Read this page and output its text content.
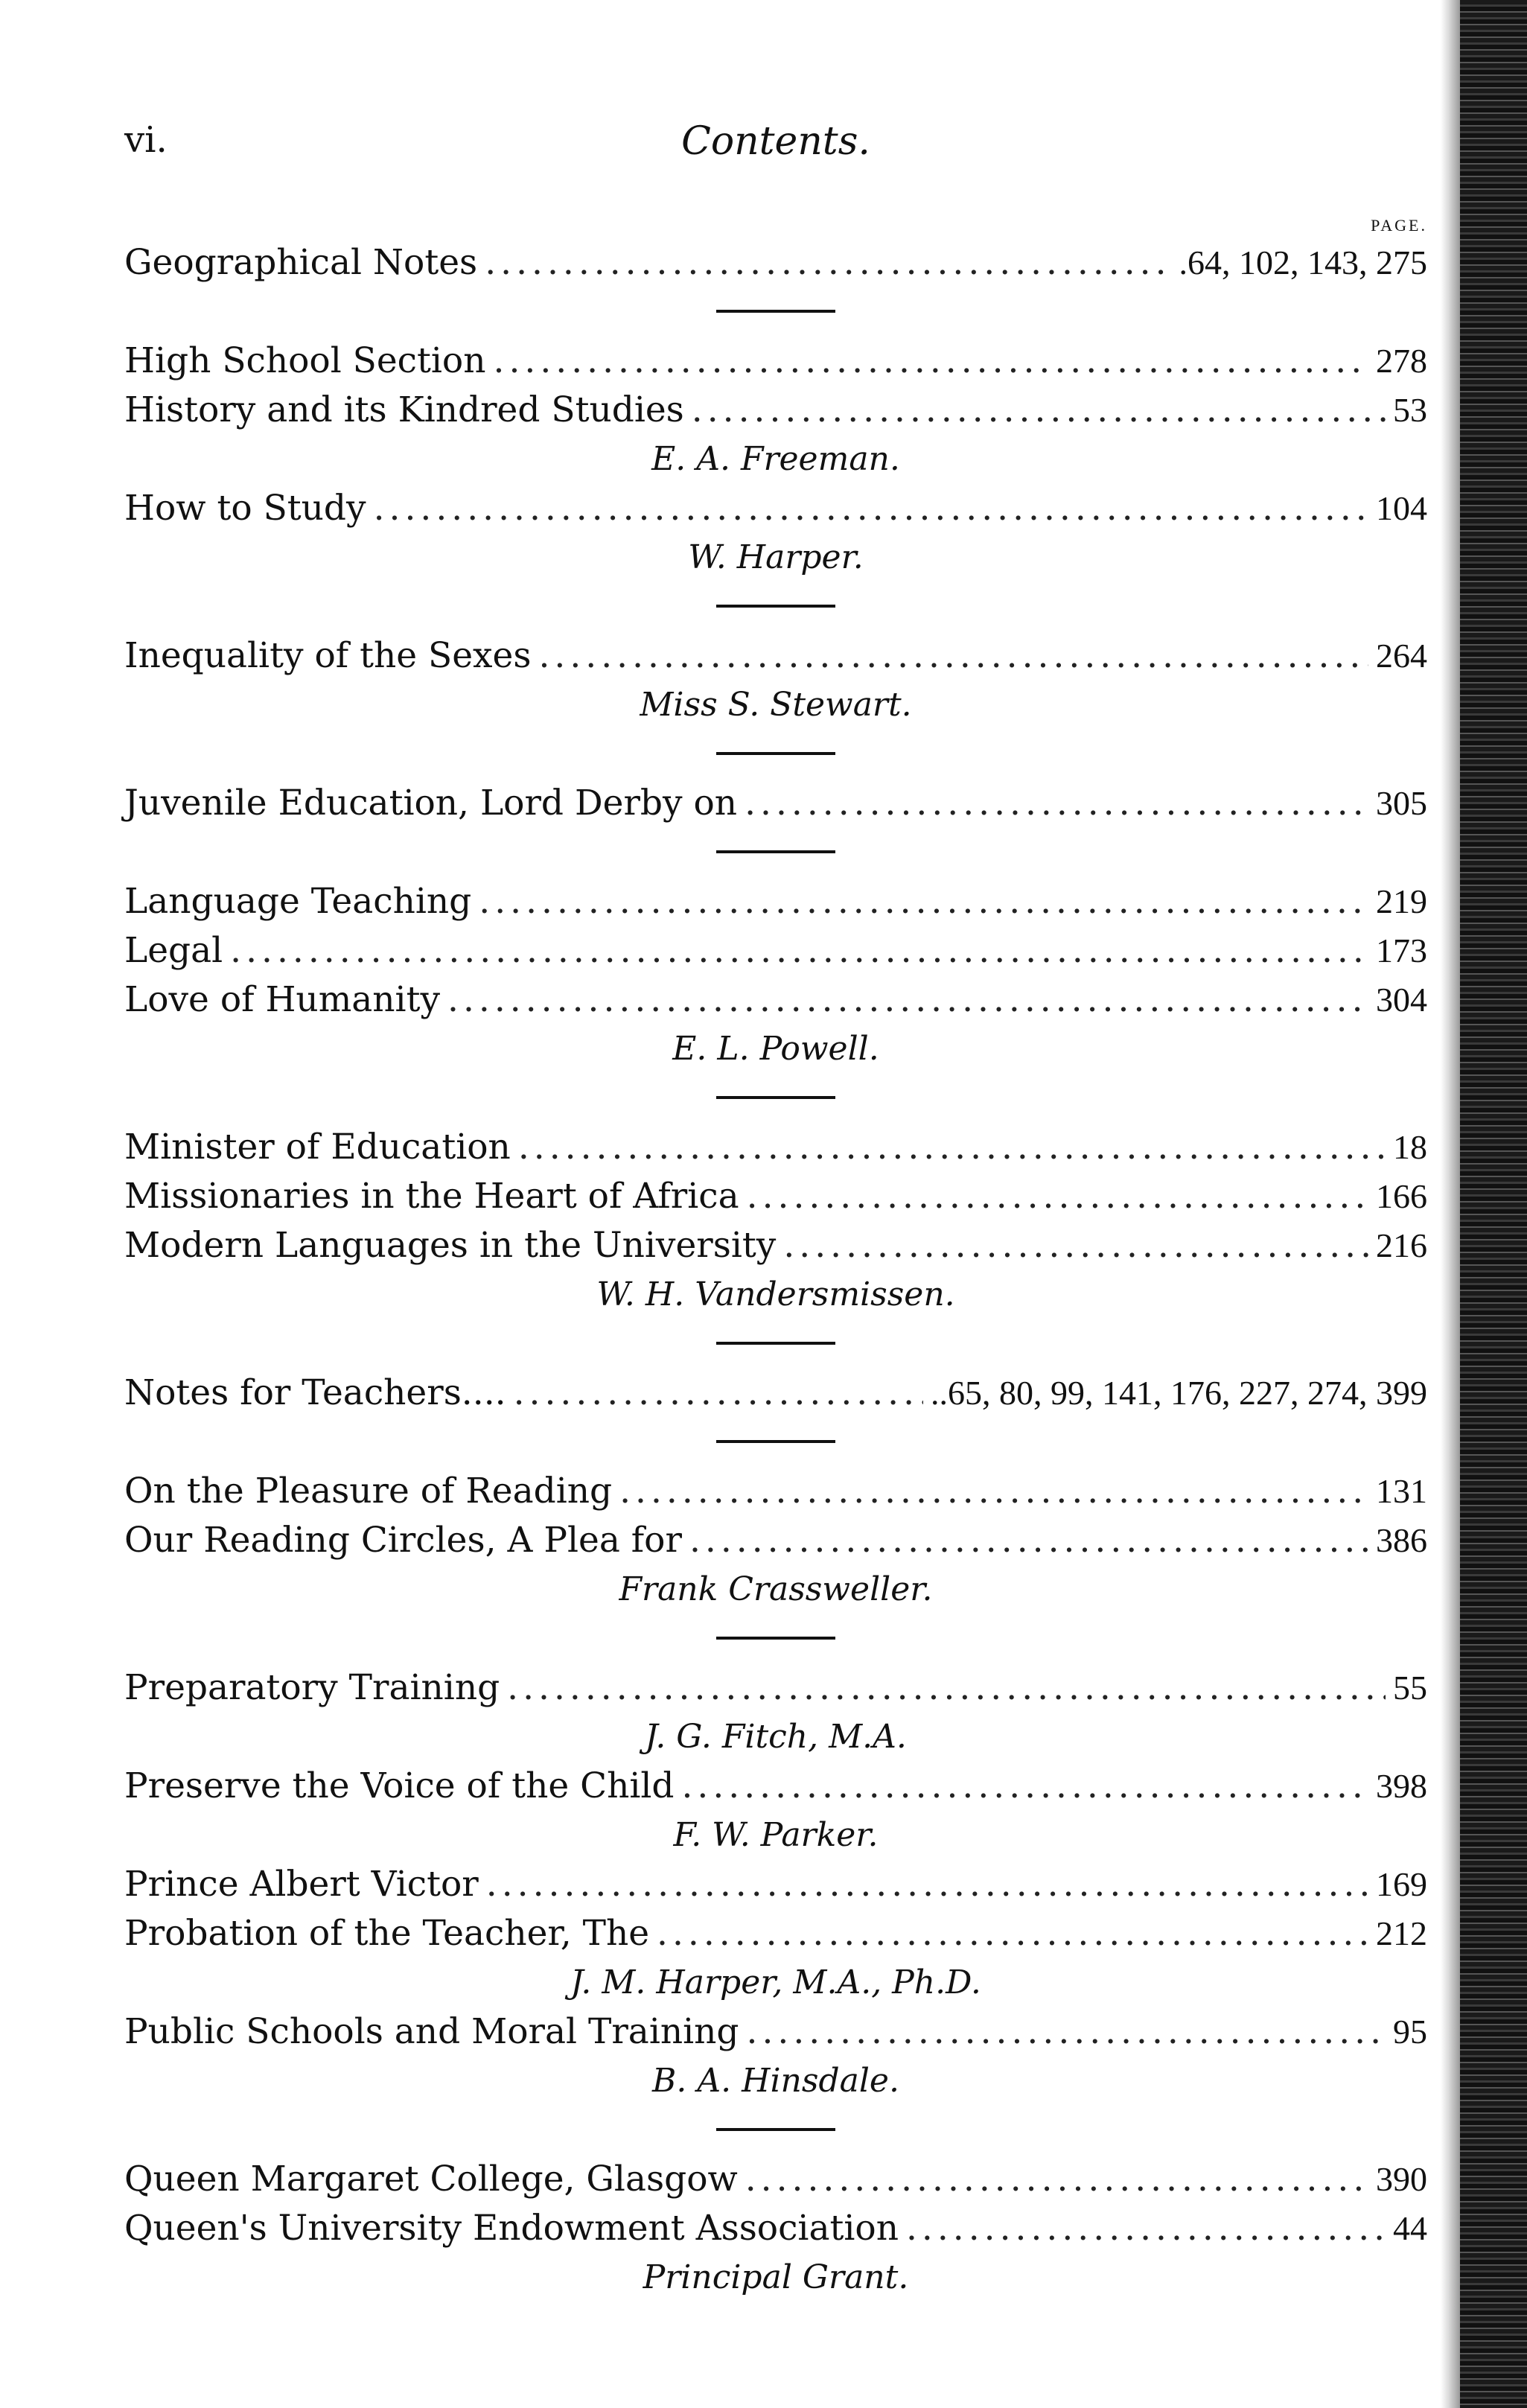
vi.	Contents.
PAGE.
Geographical Notes .....	.64, 102, 143, 275
High School Section .....	278
History and its Kindred Studies .....	53
E. A. Freeman.
How to Study .....	104
W. Harper.
Inequality of the Sexes .....	264
Miss S. Stewart.
Juvenile Education, Lord Derby on .....	305
Language Teaching .....	219
Legal .....	173
Love of Humanity .....	304
E. L. Powell.
Minister of Education .....	18
Missionaries in the Heart of Africa .....	166
Modern Languages in the University .....	216
W. H. Vandersmissen.
Notes for Teachers.... .....	..65, 80, 99, 141, 176, 227, 274, 399
On the Pleasure of Reading .....	131
Our Reading Circles, A Plea for .....	386
Frank Crassweller.
Preparatory Training .....	55
J. G. Fitch, M.A.
Preserve the Voice of the Child .....	398
F. W. Parker.
Prince Albert Victor .....	169
Probation of the Teacher, The .....	212
J. M. Harper, M.A., Ph.D.
Public Schools and Moral Training .....	95
B. A. Hinsdale.
Queen Margaret College, Glasgow .....	390
Queen's University Endowment Association .....	44
Principal Grant.
